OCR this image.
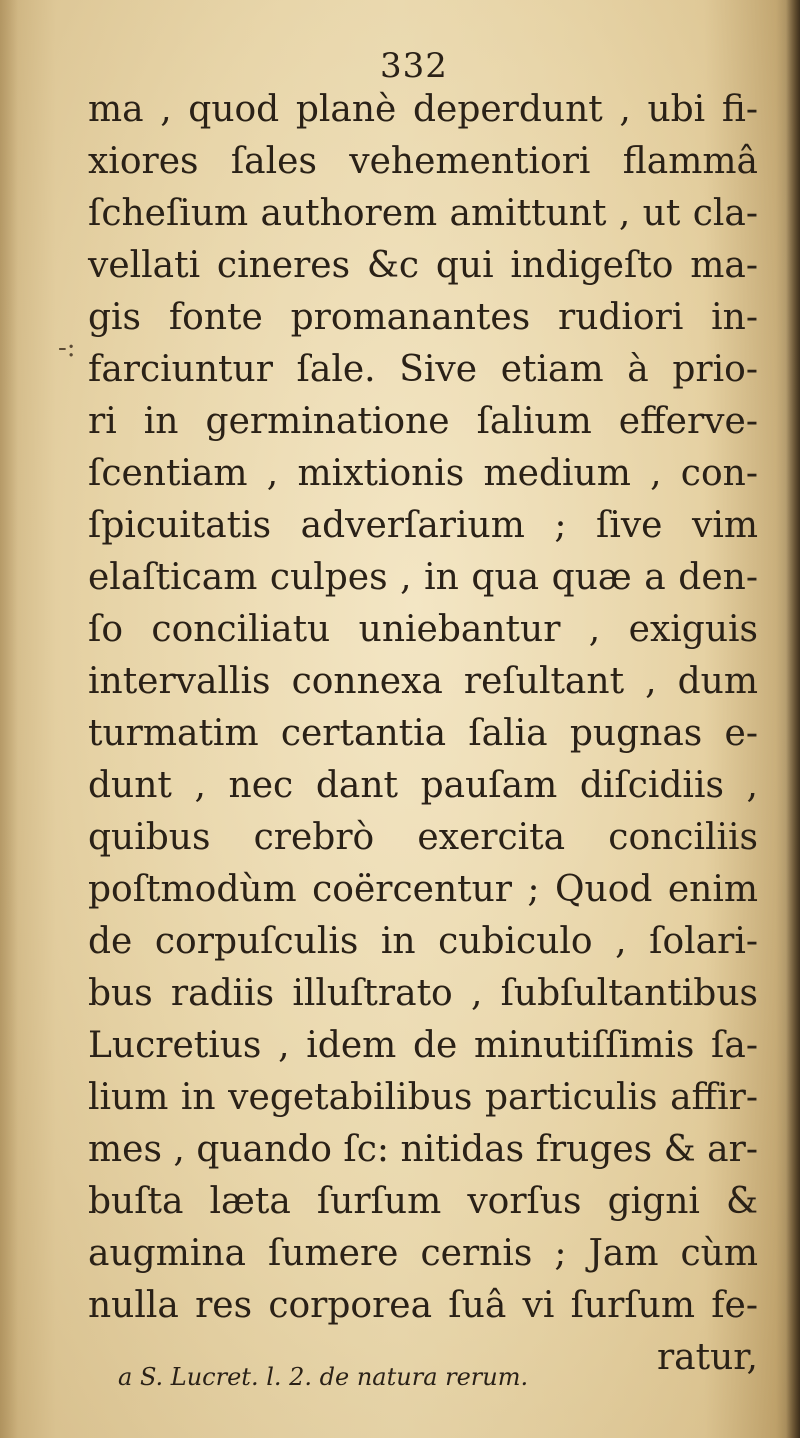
332
-:
ma , quod planè deperdunt , ubi fi-
xiores ſales vehementiori flammâ
ſcheſium authorem amittunt , ut cla-
vellati cineres &c qui indigeſto ma-
gis fonte promanantes rudiori in-
farciuntur ſale. Sive etiam à prio-
ri in germinatione ſalium efferve-
ſcentiam , mixtionis medium , con-
ſpicuitatis adverſarium ; ſive vim
elaſticam culpes , in qua quæ a den-
ſo conciliatu uniebantur , exiguis
intervallis connexa reſultant , dum
turmatim certantia ſalia pugnas e-
dunt , nec dant pauſam diſcidiis ,
quibus crebrò exercita conciliis
poſtmodùm coërcentur ; Quod enim
de corpuſculis in cubiculo , ſolari-
bus radiis illuſtrato , ſubſultantibus
Lucretius , idem de minutiſſimis ſa-
lium in vegetabilibus particulis affir-
mes , quando ſc: nitidas fruges & ar-
buſta læta ſurſum vorſus gigni &
augmina ſumere cernis ; Jam cùm
nulla res corporea ſuâ vi ſurſum fe-
ratur,
a S. Lucret. l. 2. de natura rerum.
